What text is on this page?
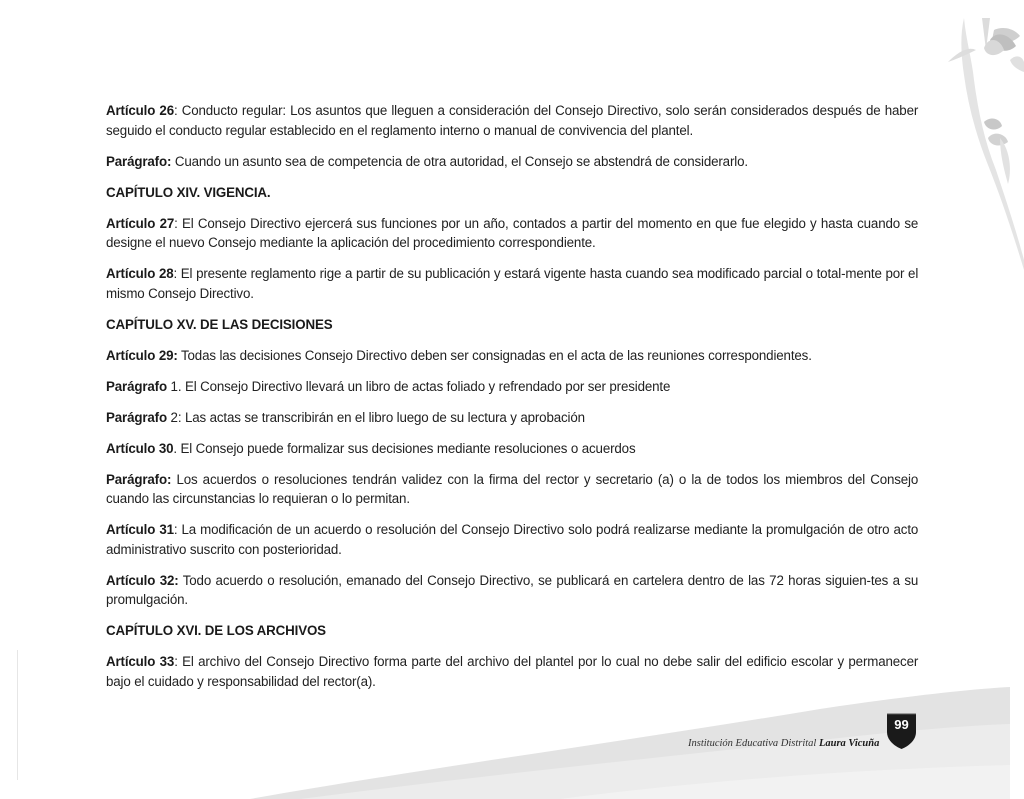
Artículo 26: Conducto regular: Los asuntos que lleguen a consideración del Consejo Directivo, solo serán considerados después de haber seguido el conducto regular establecido en el reglamento interno o manual de convivencia del plantel.

Parágrafo: Cuando un asunto sea de competencia de otra autoridad, el Consejo se abstendrá de considerarlo.

CAPÍTULO XIV. VIGENCIA.

Artículo 27: El Consejo Directivo ejercerá sus funciones por un año, contados a partir del momento en que fue elegido y hasta cuando se designe el nuevo Consejo mediante la aplicación del procedimiento correspondiente.

Artículo 28: El presente reglamento rige a partir de su publicación y estará vigente hasta cuando sea modificado parcial o total-mente por el mismo Consejo Directivo.

CAPÍTULO XV. DE LAS DECISIONES

Artículo 29: Todas las decisiones Consejo Directivo deben ser consignadas en el acta de las reuniones correspondientes.

Parágrafo 1. El Consejo Directivo llevará un libro de actas foliado y refrendado por ser presidente

Parágrafo 2: Las actas se transcribirán en el libro luego de su lectura y aprobación

Artículo 30. El Consejo puede formalizar sus decisiones mediante resoluciones o acuerdos

Parágrafo: Los acuerdos o resoluciones tendrán validez con la firma del rector y secretario (a) o la de todos los miembros del Consejo cuando las circunstancias lo requieran o lo permitan.

Artículo 31: La modificación de un acuerdo o resolución del Consejo Directivo solo podrá realizarse mediante la promulgación de otro acto administrativo suscrito con posterioridad.

Artículo 32: Todo acuerdo o resolución, emanado del Consejo Directivo, se publicará en cartelera dentro de las 72 horas siguien-tes a su promulgación.

CAPÍTULO XVI. DE LOS ARCHIVOS

Artículo 33: El archivo del Consejo Directivo forma parte del archivo del plantel por lo cual no debe salir del edificio escolar y permanecer bajo el cuidado y responsabilidad del rector(a).

Institución Educativa Distrital Laura Vicuña
99
